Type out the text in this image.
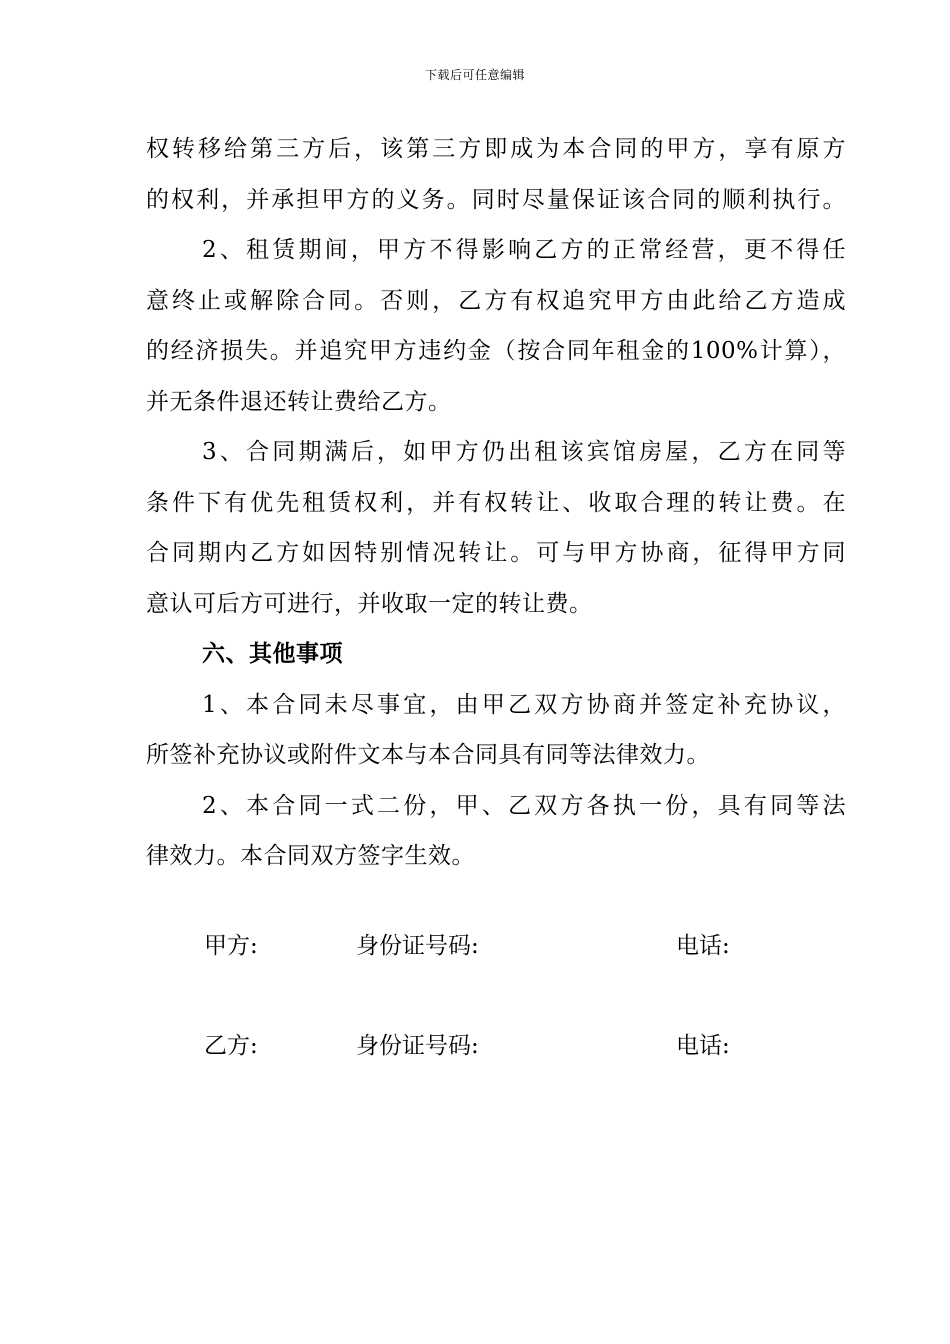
下载后可任意编辑
权转移给第三方后，该第三方即成为本合同的甲方，享有原方
的权利，并承担甲方的义务。同时尽量保证该合同的顺利执行。
2、租赁期间，甲方不得影响乙方的正常经营，更不得任
意终止或解除合同。否则，乙方有权追究甲方由此给乙方造成
的经济损失。并追究甲方违约金（按合同年租金的100%计算），
并无条件退还转让费给乙方。
3、合同期满后，如甲方仍出租该宾馆房屋，乙方在同等
条件下有优先租赁权利，并有权转让、收取合理的转让费。在
合同期内乙方如因特别情况转让。可与甲方协商，征得甲方同
意认可后方可进行，并收取一定的转让费。
六、其他事项
1、本合同未尽事宜，由甲乙双方协商并签定补充协议，
所签补充协议或附件文本与本合同具有同等法律效力。
2、本合同一式二份，甲、乙双方各执一份，具有同等法
律效力。本合同双方签字生效。
甲方:	身份证号码:	电话:
乙方:	身份证号码:	电话:
